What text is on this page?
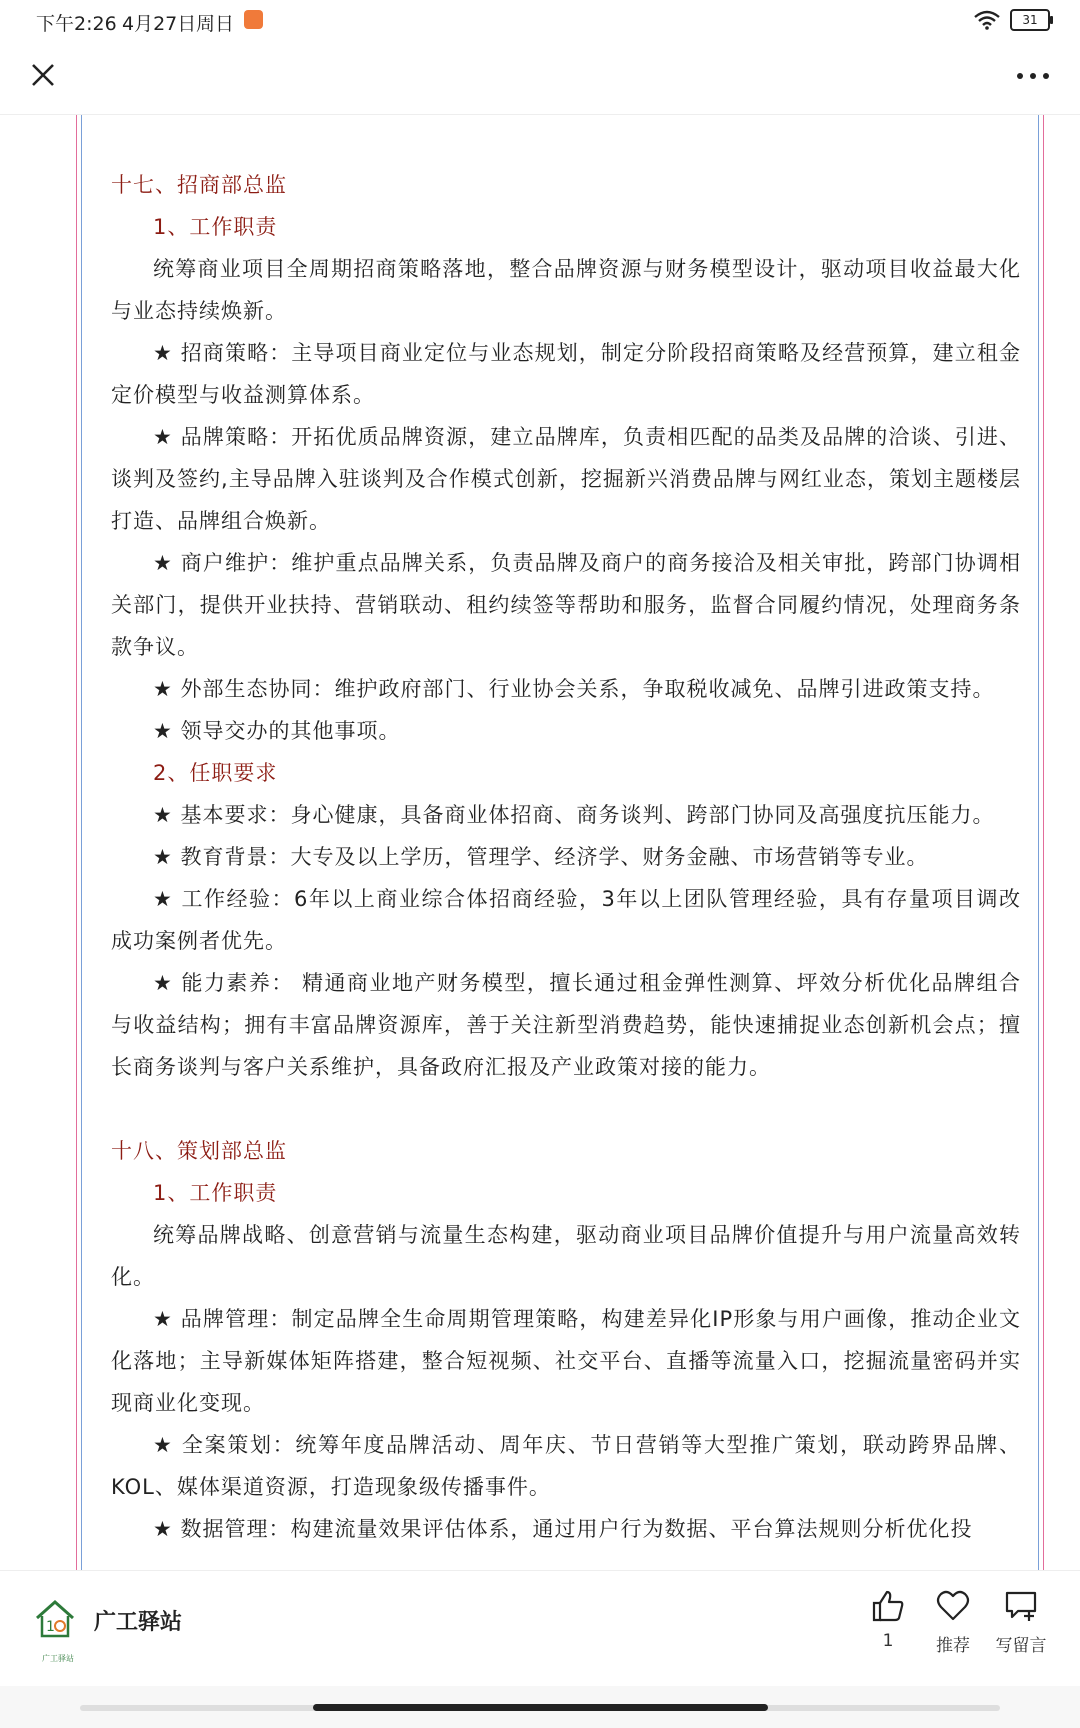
下午2:26 4月27日 周日	31

十七、招商部总监

1、工作职责

统筹商业项目全周期招商策略落地，整合品牌资源与财务模型设计，驱动项目收益最大化与业态持续焕新。

★ 招商策略：主导项目商业定位与业态规划，制定分阶段招商策略及经营预算，建立租金定价模型与收益测算体系。

★ 品牌策略：开拓优质品牌资源，建立品牌库，负责相匹配的品类及品牌的洽谈、引进、谈判及签约,主导品牌入驻谈判及合作模式创新，挖掘新兴消费品牌与网红业态，策划主题楼层打造、品牌组合焕新。

★ 商户维护：维护重点品牌关系，负责品牌及商户的商务接洽及相关审批，跨部门协调相关部门，提供开业扶持、营销联动、租约续签等帮助和服务，监督合同履约情况，处理商务条款争议。

★ 外部生态协同：维护政府部门、行业协会关系，争取税收减免、品牌引进政策支持。

★ 领导交办的其他事项。

2、任职要求

★ 基本要求：身心健康，具备商业体招商、商务谈判、跨部门协同及高强度抗压能力。

★ 教育背景：大专及以上学历，管理学、经济学、财务金融、市场营销等专业。

★ 工作经验：6年以上商业综合体招商经验，3年以上团队管理经验，具有存量项目调改成功案例者优先。

★ 能力素养： 精通商业地产财务模型，擅长通过租金弹性测算、坪效分析优化品牌组合与收益结构；拥有丰富品牌资源库，善于关注新型消费趋势，能快速捕捉业态创新机会点；擅长商务谈判与客户关系维护，具备政府汇报及产业政策对接的能力。

十八、策划部总监

1、工作职责

统筹品牌战略、创意营销与流量生态构建，驱动商业项目品牌价值提升与用户流量高效转化。

★ 品牌管理：制定品牌全生命周期管理策略，构建差异化IP形象与用户画像，推动企业文化落地；主导新媒体矩阵搭建，整合短视频、社交平台、直播等流量入口，挖掘流量密码并实现商业化变现。

★ 全案策划：统筹年度品牌活动、周年庆、节日营销等大型推广策划，联动跨界品牌、KOL、媒体渠道资源，打造现象级传播事件。

★ 数据管理：构建流量效果评估体系，通过用户行为数据、平台算法规则分析优化投

1
广工驿站
广工驿站
1	推荐	写留言
